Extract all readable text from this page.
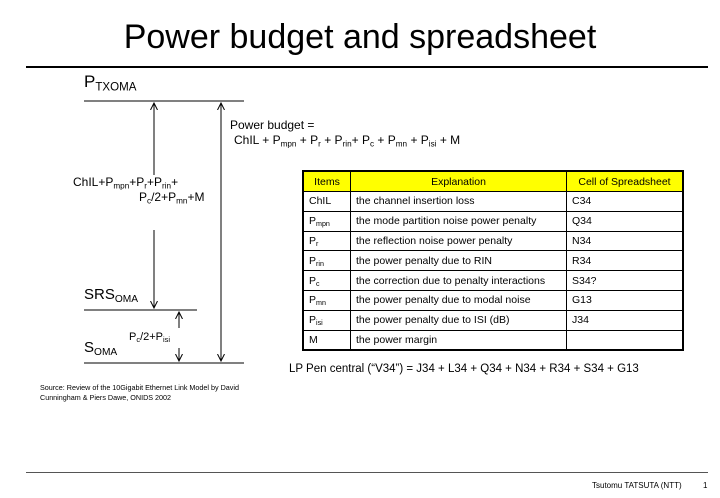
Power budget and spreadsheet
$P_{TXOMA}$
$SRS_{OMA}$
$S_{OMA}$
$ChIL+P_{mpn}+P_r+P_{rin}+$
$P_c/2+P_{mn}+M$
$P_c/2+P_{isi}$
Power budget =
ChIL + $P_{mpn} + P_r + P_{rin}+ P_c + P_{mn} + P_{isi} + M$
Items	Explanation	Cell of Spreadsheet
ChIL	the channel insertion loss	C34
$P_{mpn}$	the mode partition noise power penalty	Q34
$P_r$	the reflection noise power penalty	N34
$P_{rin}$	the power penalty due to RIN	R34
$P_c$	the correction due to penalty interactions	S34?
$P_{mn}$	the power penalty due to modal noise	G13
$P_{isi}$	the power penalty due to ISI (dB)	J34
M	the power margin	
LP Pen central (“V34”) = J34 + L34 + Q34 + N34 + R34 + S34 + G13
Source: Review of the 10Gigabit Ethernet Link Model by David Cunningham & Piers Dawe, ONIDS 2002
Tsutomu TATSUTA (NTT)	1
